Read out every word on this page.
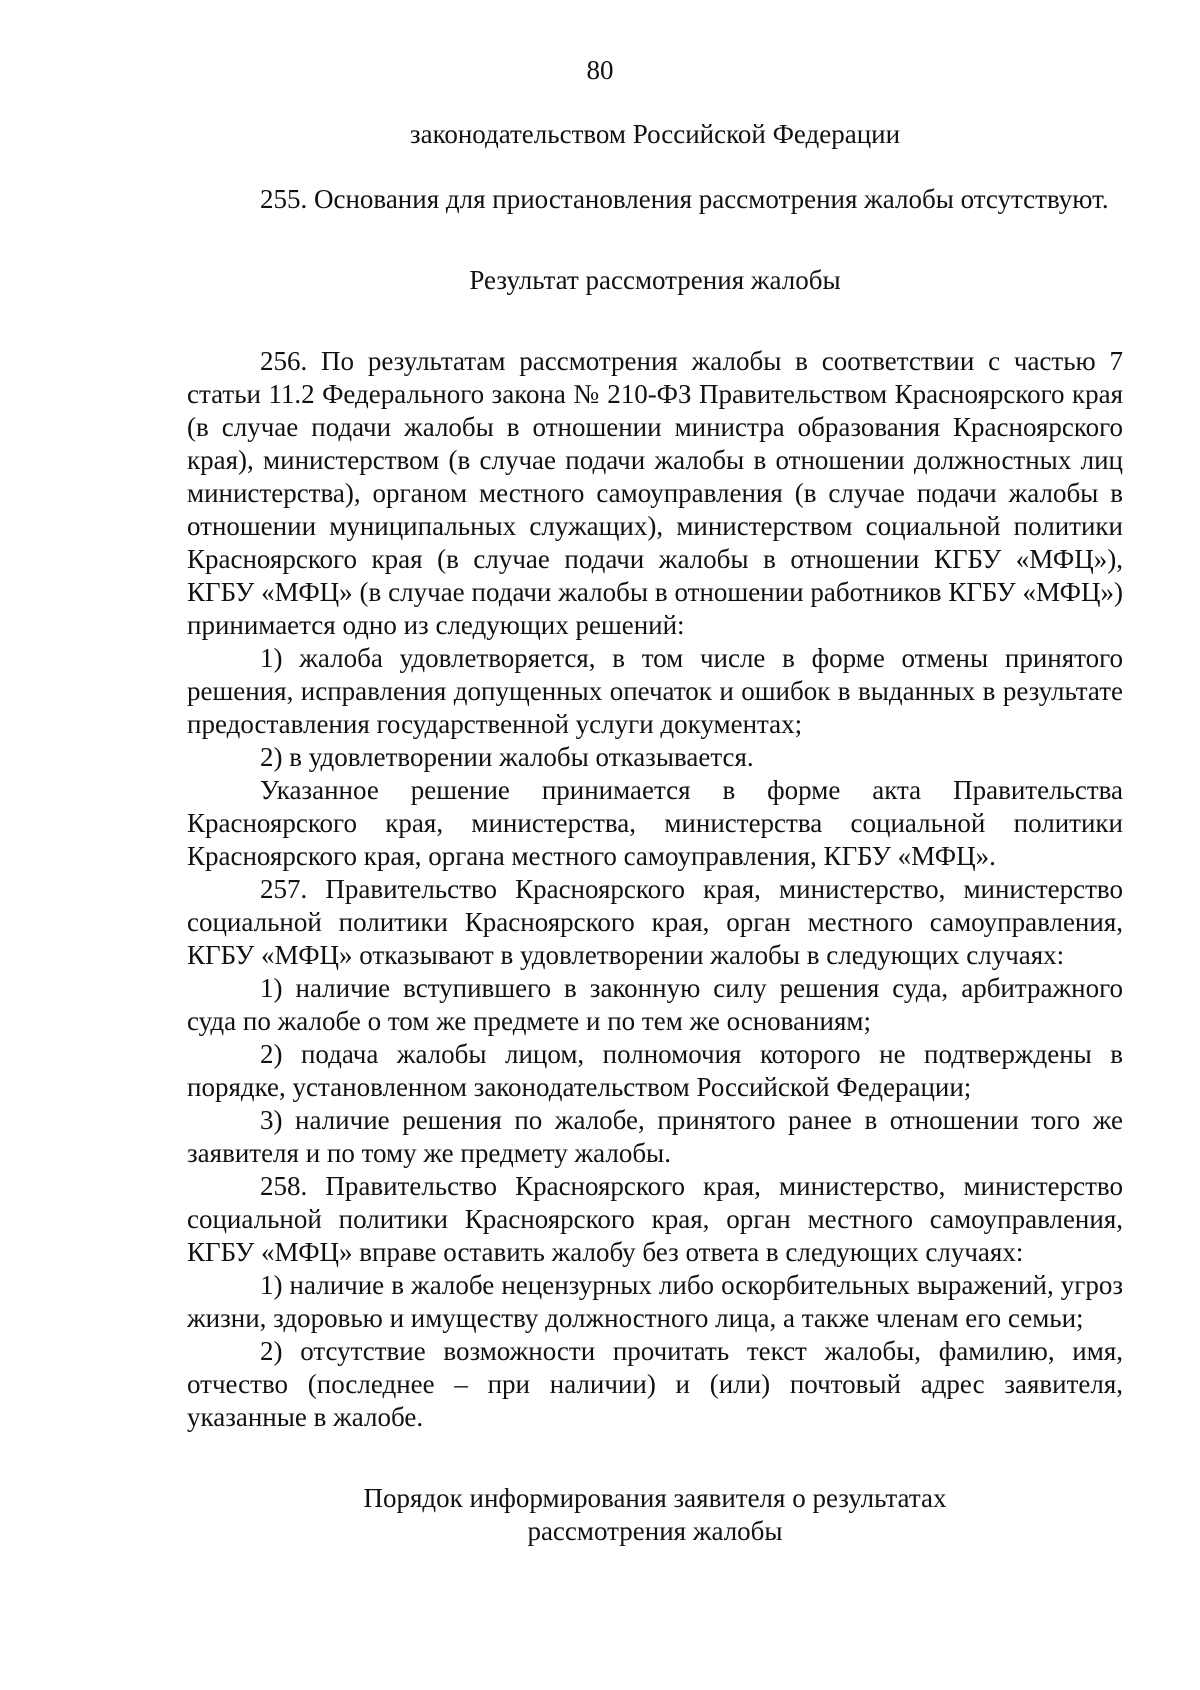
80

законодательством Российской Федерации

255. Основания для приостановления рассмотрения жалобы отсутствуют.

Результат рассмотрения жалобы

256. По результатам рассмотрения жалобы в соответствии с частью 7 статьи 11.2 Федерального закона № 210-ФЗ Правительством Красноярского края (в случае подачи жалобы в отношении министра образования Красноярского края), министерством (в случае подачи жалобы в отношении должностных лиц министерства), органом местного самоуправления (в случае подачи жалобы в отношении муниципальных служащих), министерством социальной политики Красноярского края (в случае подачи жалобы в отношении КГБУ «МФЦ»), КГБУ «МФЦ» (в случае подачи жалобы в отношении работников КГБУ «МФЦ») принимается одно из следующих решений:

1) жалоба удовлетворяется, в том числе в форме отмены принятого решения, исправления допущенных опечаток и ошибок в выданных в результате предоставления государственной услуги документах;

2) в удовлетворении жалобы отказывается.

Указанное решение принимается в форме акта Правительства Красноярского края, министерства, министерства социальной политики Красноярского края, органа местного самоуправления, КГБУ «МФЦ».

257. Правительство Красноярского края, министерство, министерство социальной политики Красноярского края, орган местного самоуправления, КГБУ «МФЦ» отказывают в удовлетворении жалобы в следующих случаях:

1) наличие вступившего в законную силу решения суда, арбитражного суда по жалобе о том же предмете и по тем же основаниям;

2) подача жалобы лицом, полномочия которого не подтверждены в порядке, установленном законодательством Российской Федерации;

3) наличие решения по жалобе, принятого ранее в отношении того же заявителя и по тому же предмету жалобы.

258. Правительство Красноярского края, министерство, министерство социальной политики Красноярского края, орган местного самоуправления, КГБУ «МФЦ» вправе оставить жалобу без ответа в следующих случаях:

1) наличие в жалобе нецензурных либо оскорбительных выражений, угроз жизни, здоровью и имуществу должностного лица, а также членам его семьи;

2) отсутствие возможности прочитать текст жалобы, фамилию, имя, отчество (последнее – при наличии) и (или) почтовый адрес заявителя, указанные в жалобе.

Порядок информирования заявителя о результатах
рассмотрения жалобы
